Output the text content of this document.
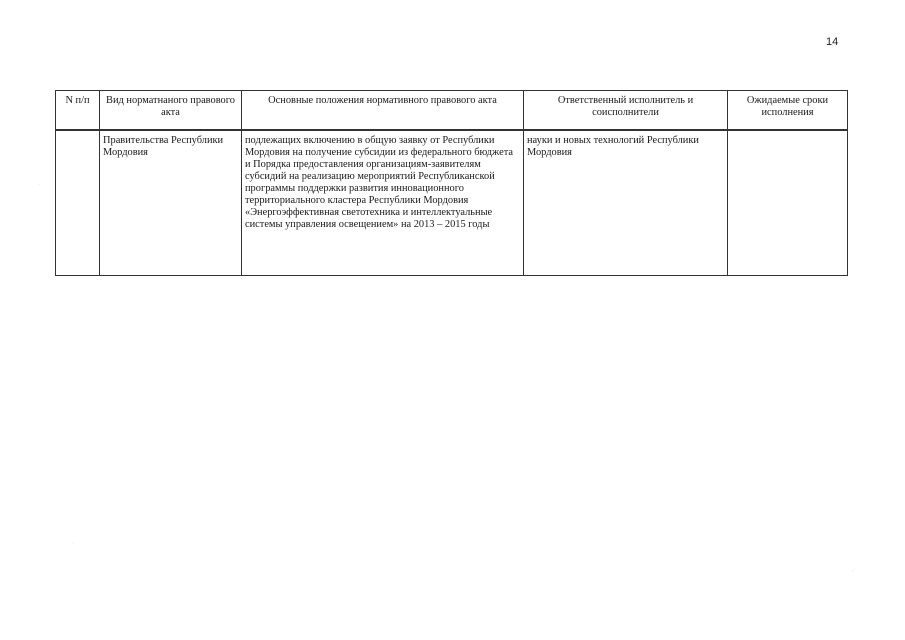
14
N п/п	Вид норматнаного правового акта	Основные положения нормативного правового акта	Ответственный исполнитель и соисполнители	Ожидаемые сроки исполнения
	Правительства Республики Мордовия	подлежащих включению в общую заявку от Республики Мордовия на получение субсидии из федерального бюджета и Порядка предоставления организациям-заявителям субсидий на реализацию мероприятий Республиканской программы поддержки развития инновационного территориального кластера Республики Мордовия «Энергоэффективная светотехника и интеллектуальные системы управления освещением» на 2013 – 2015 годы	науки и новых технологий Республики Мордовия	
⋅
⋅
⋅
